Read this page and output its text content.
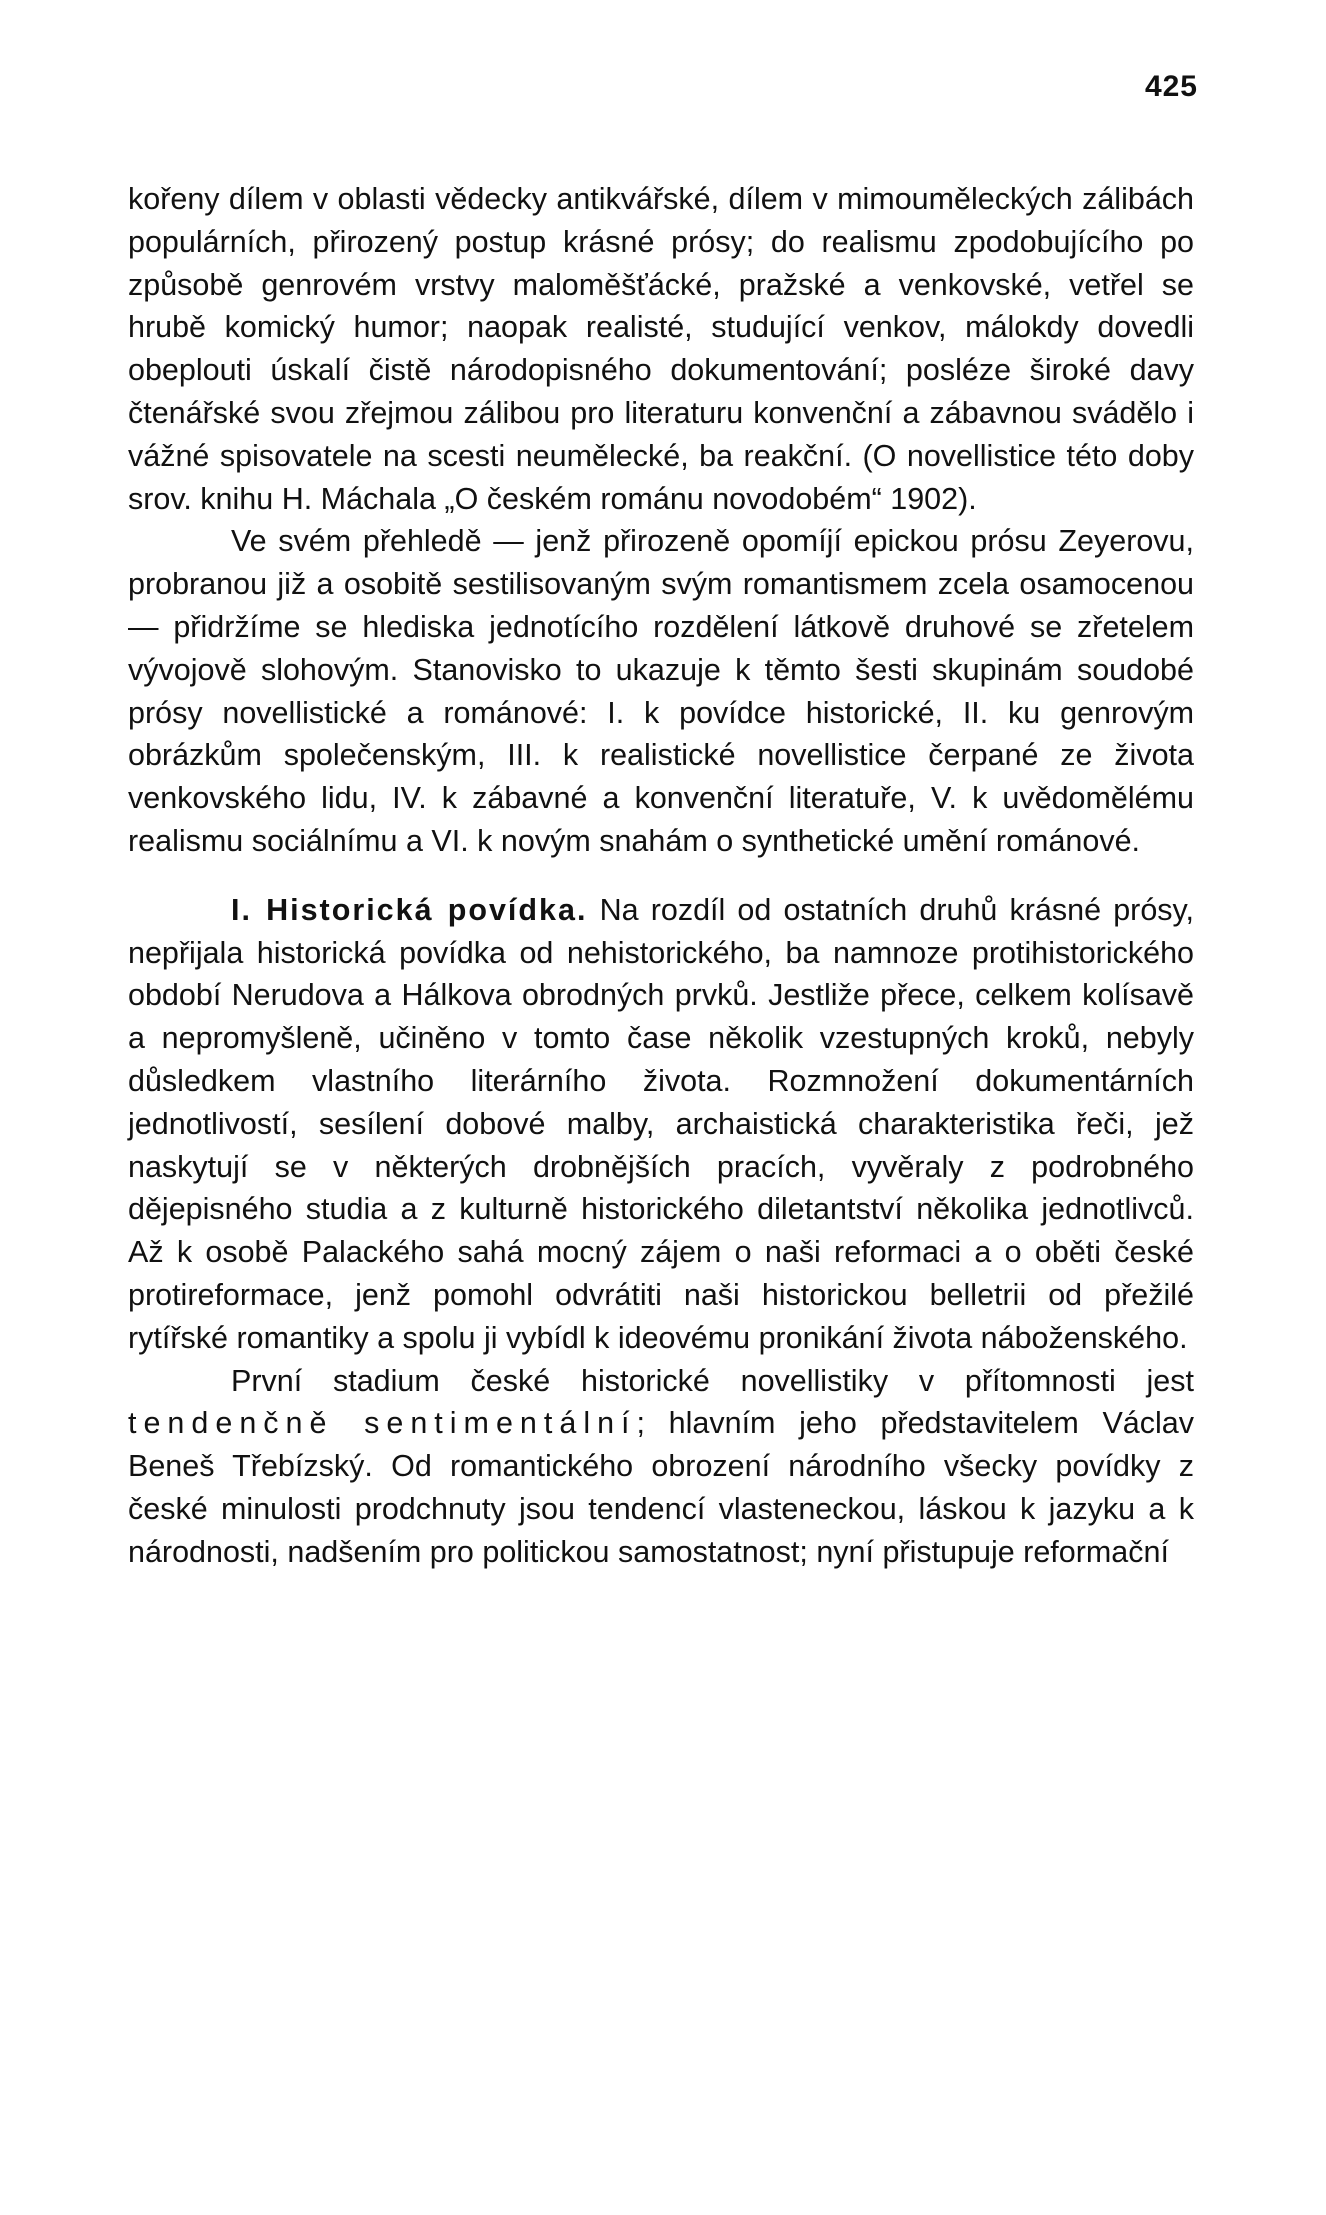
425

kořeny dílem v oblasti vědecky antikvářské, dílem v mimouměleckých zálibách populárních, přirozený postup krásné prósy; do realismu zpodobujícího po způsobě genrovém vrstvy maloměšťácké, pražské a venkovské, vetřel se hrubě komický humor; naopak realisté, studující venkov, málokdy dovedli obeplouti úskalí čistě národopisného dokumentování; posléze široké davy čtenářské svou zřejmou zálibou pro literaturu konvenční a zábavnou svádělo i vážné spisovatele na scesti neumělecké, ba reakční. (O novellistice této doby srov. knihu H. Máchala „O českém románu novodobém“ 1902).

Ve svém přehledě — jenž přirozeně opomíjí epickou prósu Zeyerovu, probranou již a osobitě sestilisovaným svým romantismem zcela osamocenou — přidržíme se hlediska jednotícího rozdělení látkově druhové se zřetelem vývojově slohovým. Stanovisko to ukazuje k těmto šesti skupinám soudobé prósy novellistické a románové: I. k povídce historické, II. ku genrovým obrázkům společenským, III. k realistické novellistice čerpané ze života venkovského lidu, IV. k zábavné a konvenční literatuře, V. k uvědomělému realismu sociálnímu a VI. k novým snahám o synthetické umění románové.

I. Historická povídka. Na rozdíl od ostatních druhů krásné prósy, nepřijala historická povídka od nehistorického, ba namnoze protihistorického období Nerudova a Hálkova obrodných prvků. Jestliže přece, celkem kolísavě a nepromyšleně, učiněno v tomto čase několik vzestupných kroků, nebyly důsledkem vlastního literárního života. Rozmnožení dokumentárních jednotlivostí, sesílení dobové malby, archaistická charakteristika řeči, jež naskytují se v některých drobnějších pracích, vyvěraly z podrobného dějepisného studia a z kulturně historického diletantství několika jednotlivců. Až k osobě Palackého sahá mocný zájem o naši reformaci a o oběti české protireformace, jenž pomohl odvrátiti naši historickou belletrii od přežilé rytířské romantiky a spolu ji vybídl k ideovému pronikání života náboženského.

První stadium české historické novellistiky v přítomnosti jest tendenčně sentimentální; hlavním jeho představitelem Václav Beneš Třebízský. Od romantického obrození národního všecky povídky z české minulosti prodchnuty jsou tendencí vlasteneckou, láskou k jazyku a k národnosti, nadšením pro politickou samostatnost; nyní přistupuje reformační
